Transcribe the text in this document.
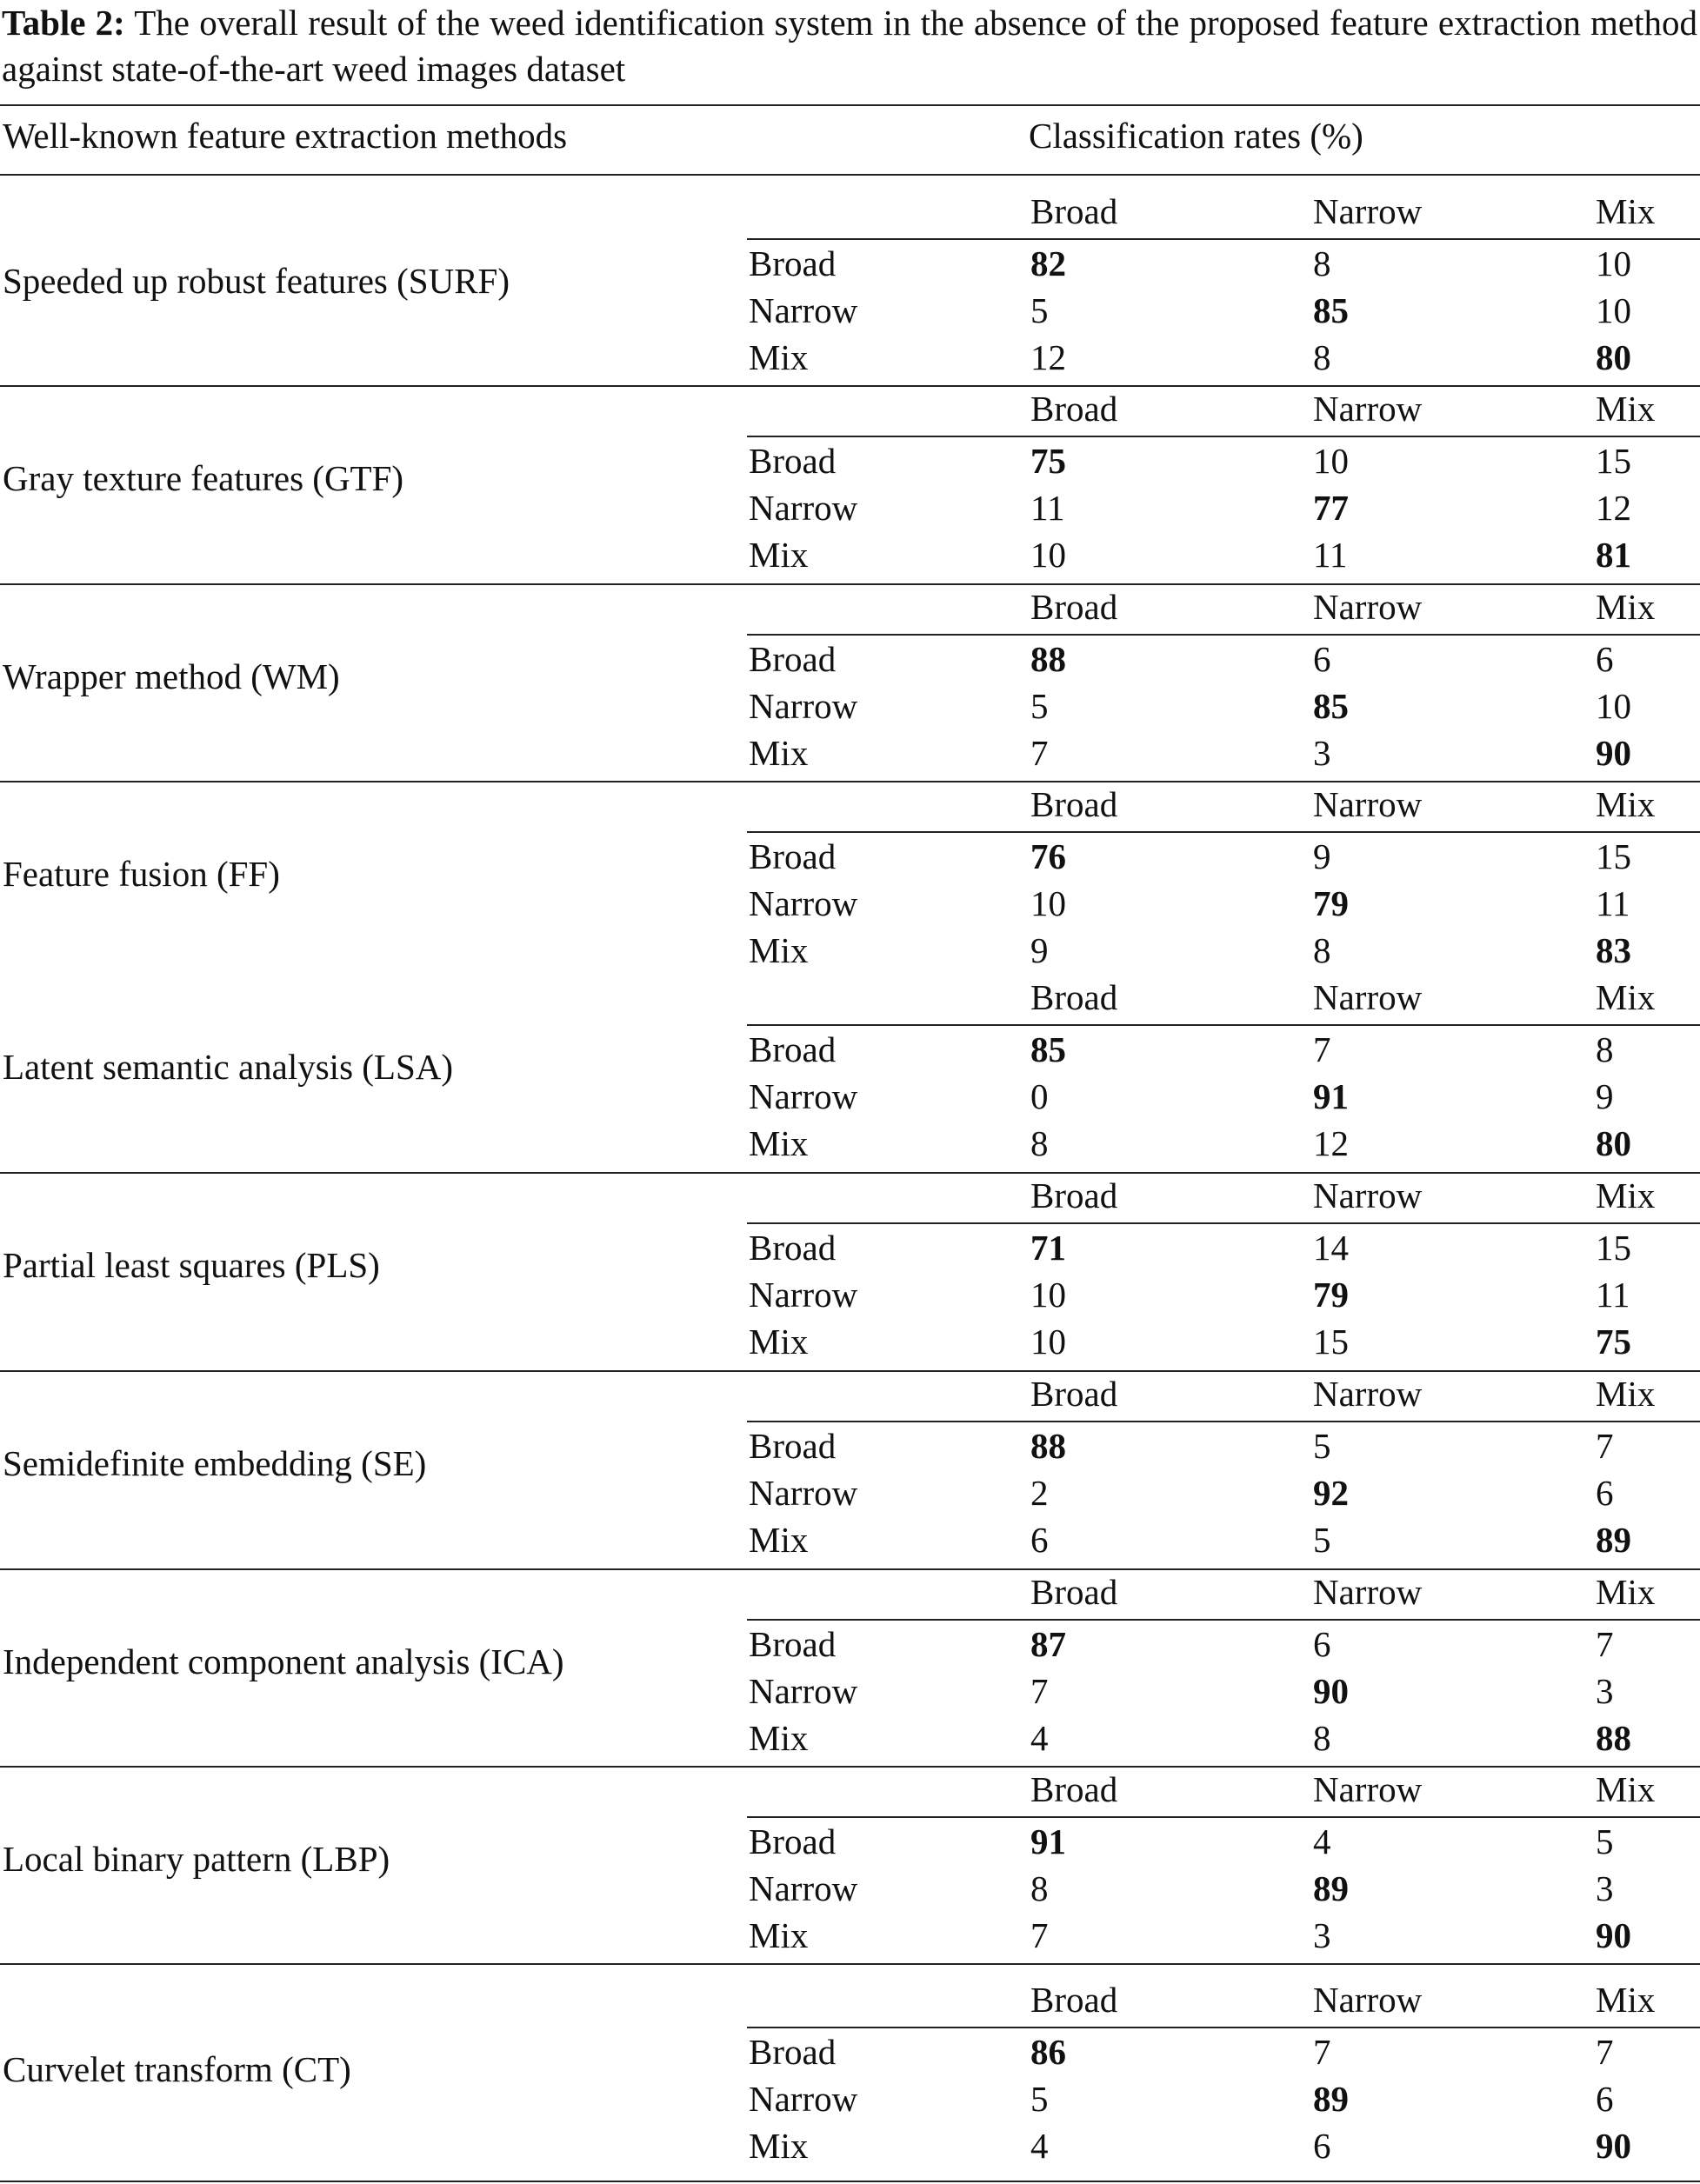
Table 2: The overall result of the weed identification system in the absence of the proposed feature extraction method against state-of-the-art weed images dataset
Well-known feature extraction methods	Classification rates (%)
Broad	Narrow	Mix
Speeded up robust features (SURF)	Broad	82	8	10
Narrow	5	85	10
Mix	12	8	80
Broad	Narrow	Mix
Gray texture features (GTF)	Broad	75	10	15
Narrow	11	77	12
Mix	10	11	81
Broad	Narrow	Mix
Wrapper method (WM)	Broad	88	6	6
Narrow	5	85	10
Mix	7	3	90
Broad	Narrow	Mix
Feature fusion (FF)	Broad	76	9	15
Narrow	10	79	11
Mix	9	8	83
Broad	Narrow	Mix
Latent semantic analysis (LSA)	Broad	85	7	8
Narrow	0	91	9
Mix	8	12	80
Broad	Narrow	Mix
Partial least squares (PLS)	Broad	71	14	15
Narrow	10	79	11
Mix	10	15	75
Broad	Narrow	Mix
Semidefinite embedding (SE)	Broad	88	5	7
Narrow	2	92	6
Mix	6	5	89
Broad	Narrow	Mix
Independent component analysis (ICA)	Broad	87	6	7
Narrow	7	90	3
Mix	4	8	88
Broad	Narrow	Mix
Local binary pattern (LBP)	Broad	91	4	5
Narrow	8	89	3
Mix	7	3	90
Broad	Narrow	Mix
Curvelet transform (CT)	Broad	86	7	7
Narrow	5	89	6
Mix	4	6	90
